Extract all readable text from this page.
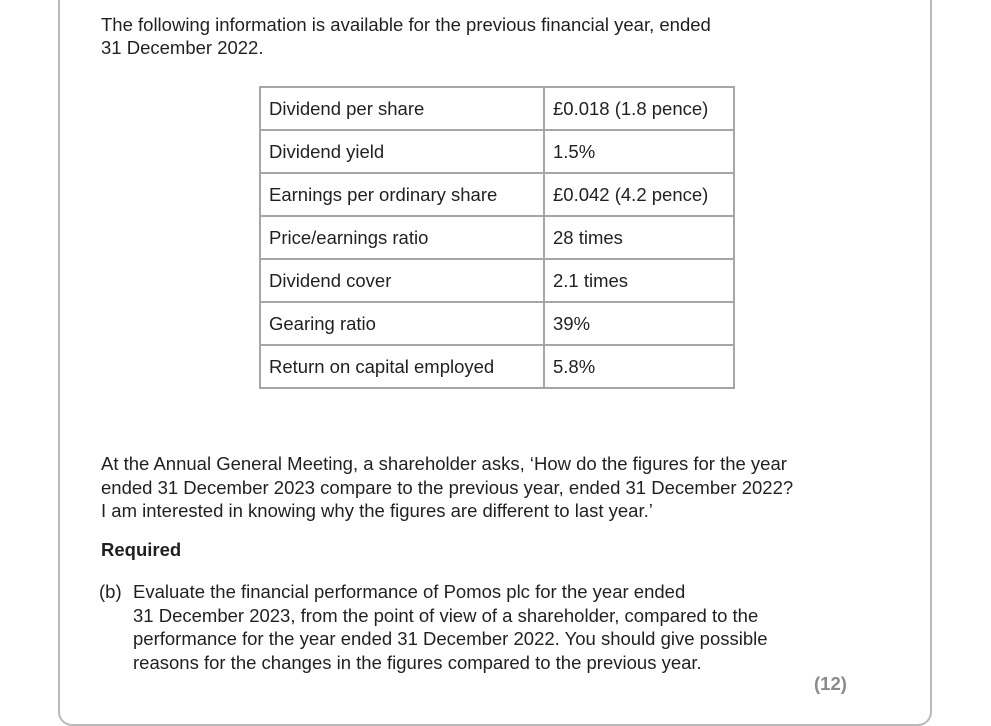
The following information is available for the previous financial year, ended
31 December 2022.

Dividend per share	£0.018 (1.8 pence)
Dividend yield	1.5%
Earnings per ordinary share	£0.042 (4.2 pence)
Price/earnings ratio	28 times
Dividend cover	2.1 times
Gearing ratio	39%
Return on capital employed	5.8%

At the Annual General Meeting, a shareholder asks, ‘How do the figures for the year
ended 31 December 2023 compare to the previous year, ended 31 December 2022?
I am interested in knowing why the figures are different to last year.’

Required

(b) Evaluate the financial performance of Pomos plc for the year ended
31 December 2023, from the point of view of a shareholder, compared to the
performance for the year ended 31 December 2022. You should give possible
reasons for the changes in the figures compared to the previous year.

(12)
